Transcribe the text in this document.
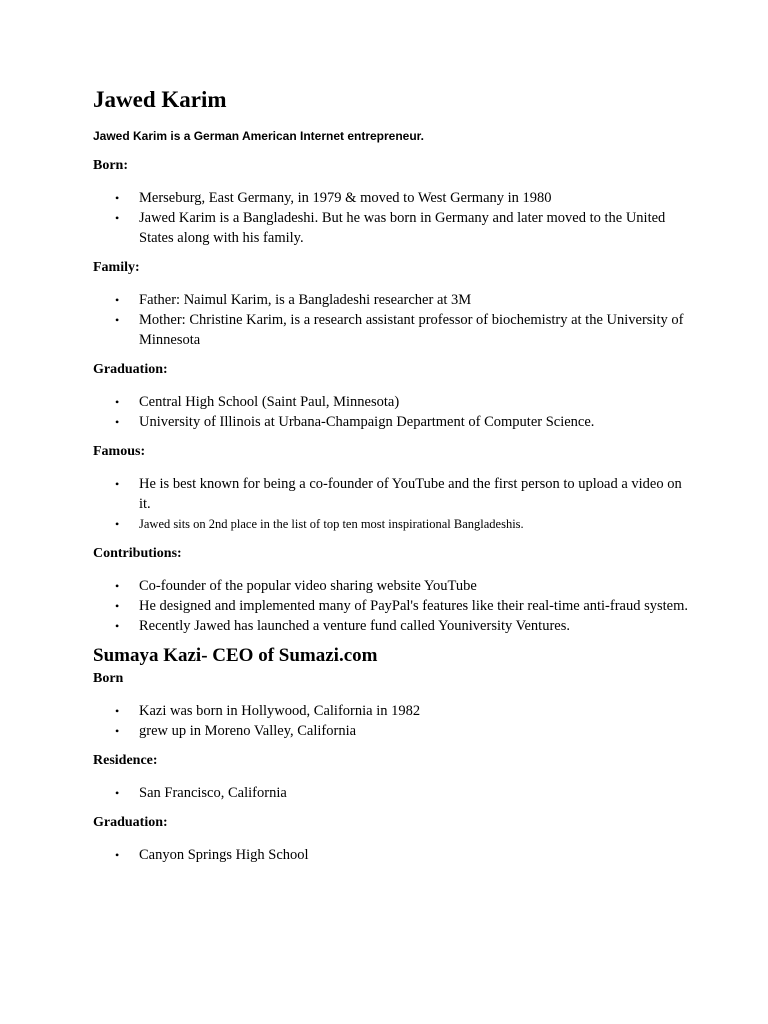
Jawed Karim

Jawed Karim is a German American Internet entrepreneur.

Born:

• Merseburg, East Germany, in 1979 & moved to West Germany in 1980
• Jawed Karim is a Bangladeshi. But he was born in Germany and later moved to the United States along with his family.

Family:

• Father: Naimul Karim, is a Bangladeshi researcher at 3M
• Mother: Christine Karim, is a research assistant professor of biochemistry at the University of Minnesota

Graduation:

• Central High School (Saint Paul, Minnesota)
• University of Illinois at Urbana-Champaign Department of Computer Science.

Famous:

• He is best known for being a co-founder of YouTube and the first person to upload a video on it.
• Jawed sits on 2nd place in the list of top ten most inspirational Bangladeshis.

Contributions:

• Co-founder of the popular video sharing website YouTube
• He designed and implemented many of PayPal's features like their real-time anti-fraud system.
• Recently Jawed has launched a venture fund called Youniversity Ventures.
Sumaya Kazi- CEO of Sumazi.com

Born

• Kazi was born in Hollywood, California in 1982
• grew up in Moreno Valley, California

Residence:

• San Francisco, California

Graduation:

• Canyon Springs High School
